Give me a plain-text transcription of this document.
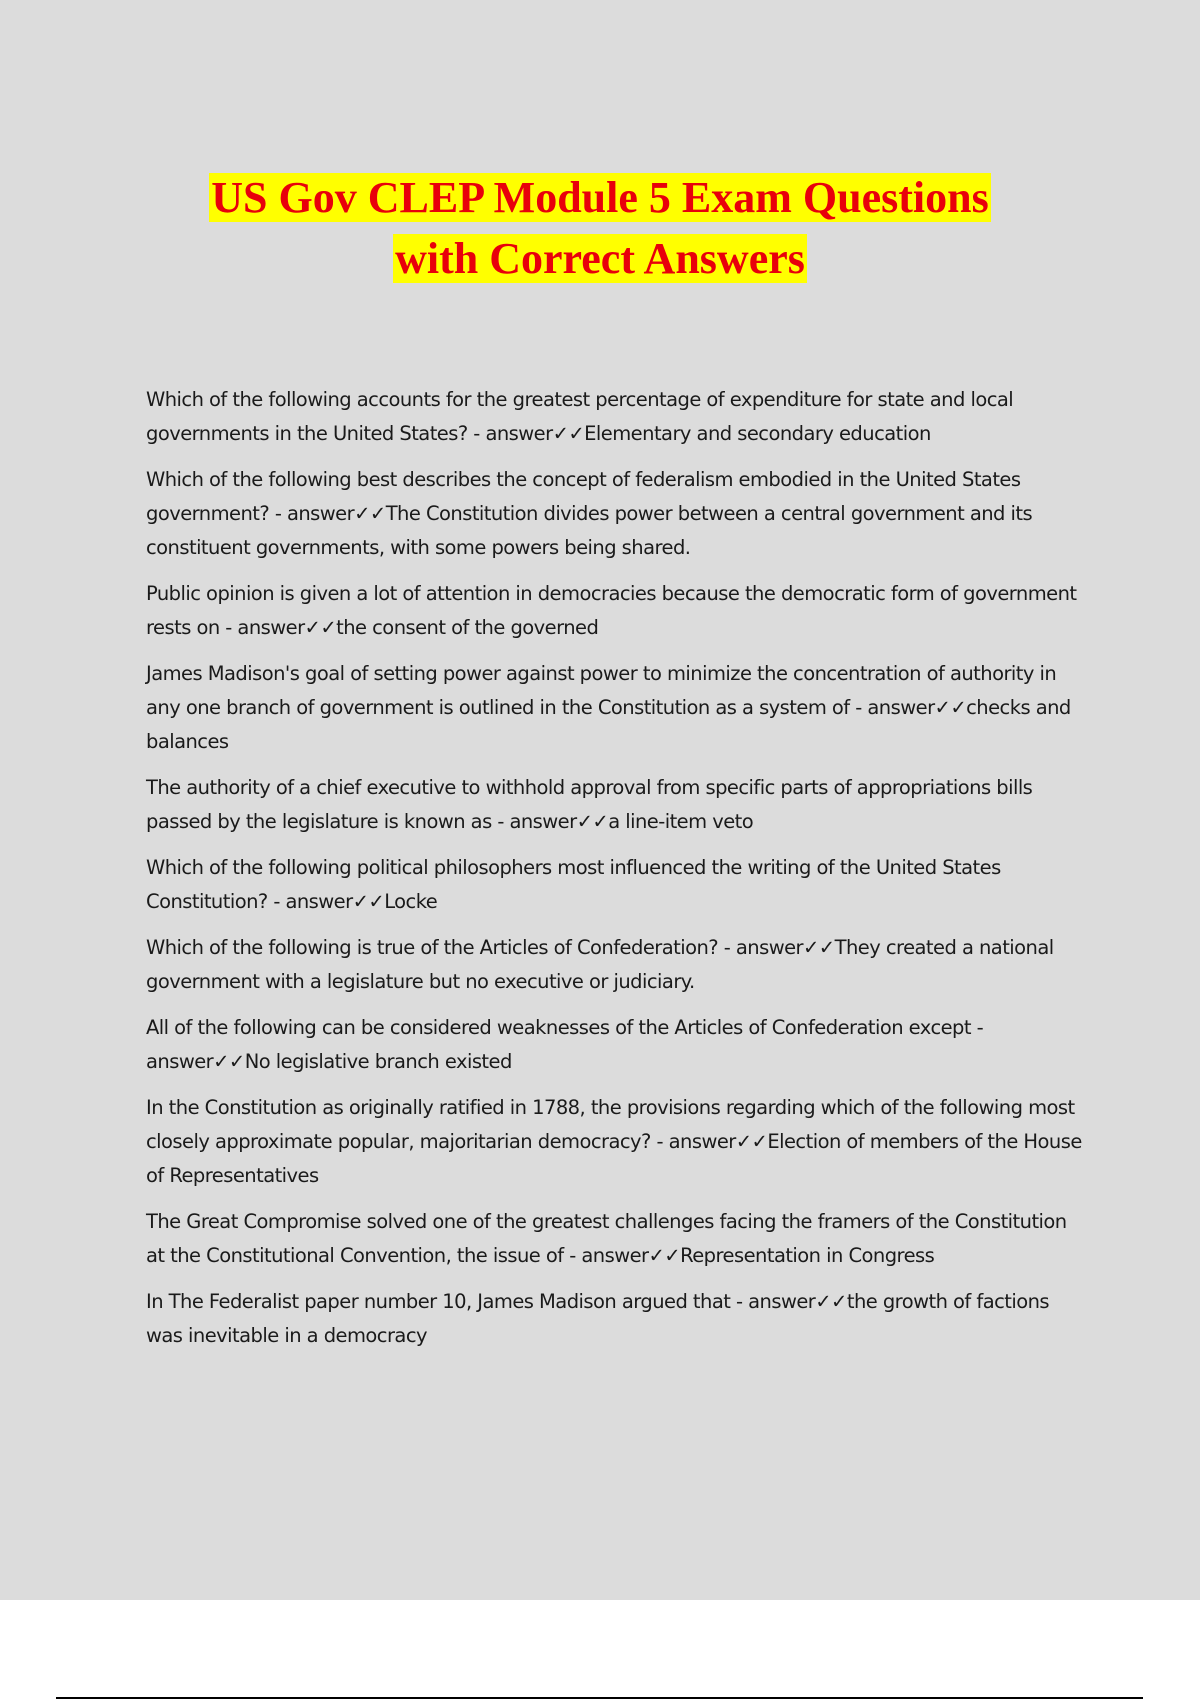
US Gov CLEP Module 5 Exam Questions
with Correct Answers
Which of the following accounts for the greatest percentage of expenditure for state and local governments in the United States? - answer✓✓Elementary and secondary education
Which of the following best describes the concept of federalism embodied in the United States government? - answer✓✓The Constitution divides power between a central government and its constituent governments, with some powers being shared.
Public opinion is given a lot of attention in democracies because the democratic form of government rests on - answer✓✓the consent of the governed
James Madison's goal of setting power against power to minimize the concentration of authority in any one branch of government is outlined in the Constitution as a system of - answer✓✓checks and balances
The authority of a chief executive to withhold approval from specific parts of appropriations bills passed by the legislature is known as - answer✓✓a line-item veto
Which of the following political philosophers most influenced the writing of the United States Constitution? - answer✓✓Locke
Which of the following is true of the Articles of Confederation? - answer✓✓They created a national government with a legislature but no executive or judiciary.
All of the following can be considered weaknesses of the Articles of Confederation except - answer✓✓No legislative branch existed
In the Constitution as originally ratified in 1788, the provisions regarding which of the following most closely approximate popular, majoritarian democracy? - answer✓✓Election of members of the House of Representatives
The Great Compromise solved one of the greatest challenges facing the framers of the Constitution at the Constitutional Convention, the issue of - answer✓✓Representation in Congress
In The Federalist paper number 10, James Madison argued that - answer✓✓the growth of factions was inevitable in a democracy
